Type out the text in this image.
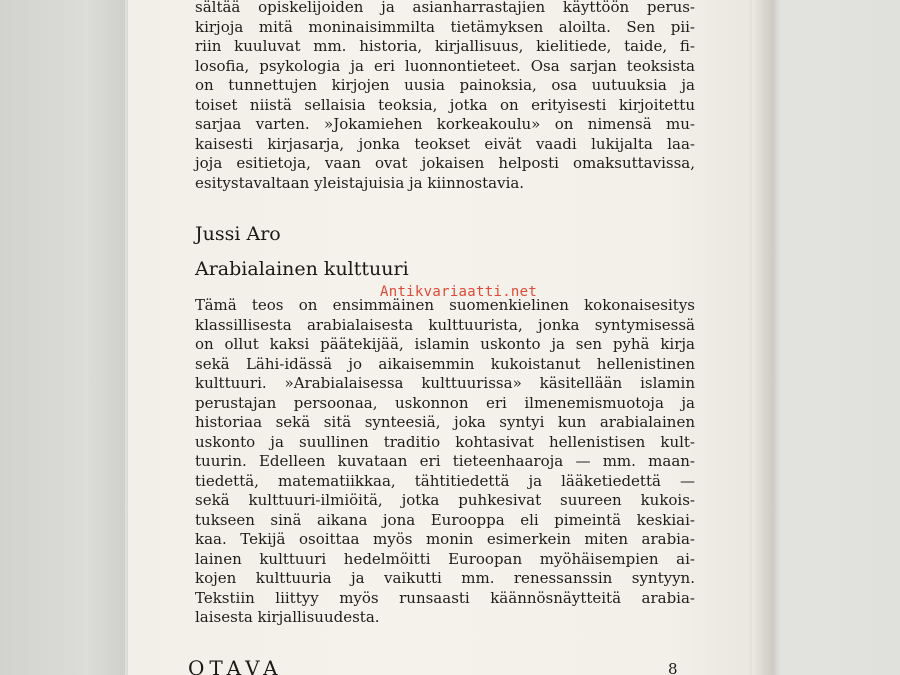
sältää opiskelijoiden ja asianharrastajien käyttöön perus-
kirjoja mitä moninaisimmilta tietämyksen aloilta. Sen pii-
riin kuuluvat mm. historia, kirjallisuus, kielitiede, taide, fi-
losofia, psykologia ja eri luonnontieteet. Osa sarjan teoksista
on tunnettujen kirjojen uusia painoksia, osa uutuuksia ja
toiset niistä sellaisia teoksia, jotka on erityisesti kirjoitettu
sarjaa varten. »Jokamiehen korkeakoulu» on nimensä mu-
kaisesti kirjasarja, jonka teokset eivät vaadi lukijalta laa-
joja esitietoja, vaan ovat jokaisen helposti omaksuttavissa,
esitystavaltaan yleistajuisia ja kiinnostavia.
Jussi Aro
Arabialainen kulttuuri
Antikvariaatti.net
Tämä teos on ensimmäinen suomenkielinen kokonaisesitys
klassillisesta arabialaisesta kulttuurista, jonka syntymisessä
on ollut kaksi päätekijää, islamin uskonto ja sen pyhä kirja
sekä Lähi-idässä jo aikaisemmin kukoistanut hellenistinen
kulttuuri. »Arabialaisessa kulttuurissa» käsitellään islamin
perustajan persoonaa, uskonnon eri ilmenemismuotoja ja
historiaa sekä sitä synteesiä, joka syntyi kun arabialainen
uskonto ja suullinen traditio kohtasivat hellenistisen kult-
tuurin. Edelleen kuvataan eri tieteenhaaroja — mm. maan-
tiedettä, matematiikkaa, tähtitiedettä ja lääketiedettä —
sekä kulttuuri-ilmiöitä, jotka puhkesivat suureen kukois-
tukseen sinä aikana jona Eurooppa eli pimeintä keskiai-
kaa. Tekijä osoittaa myös monin esimerkein miten arabia-
lainen kulttuuri hedelmöitti Euroopan myöhäisempien ai-
kojen kulttuuria ja vaikutti mm. renessanssin syntyyn.
Tekstiin liittyy myös runsaasti käännösnäytteitä arabia-
laisesta kirjallisuudesta.
OTAVA	8
